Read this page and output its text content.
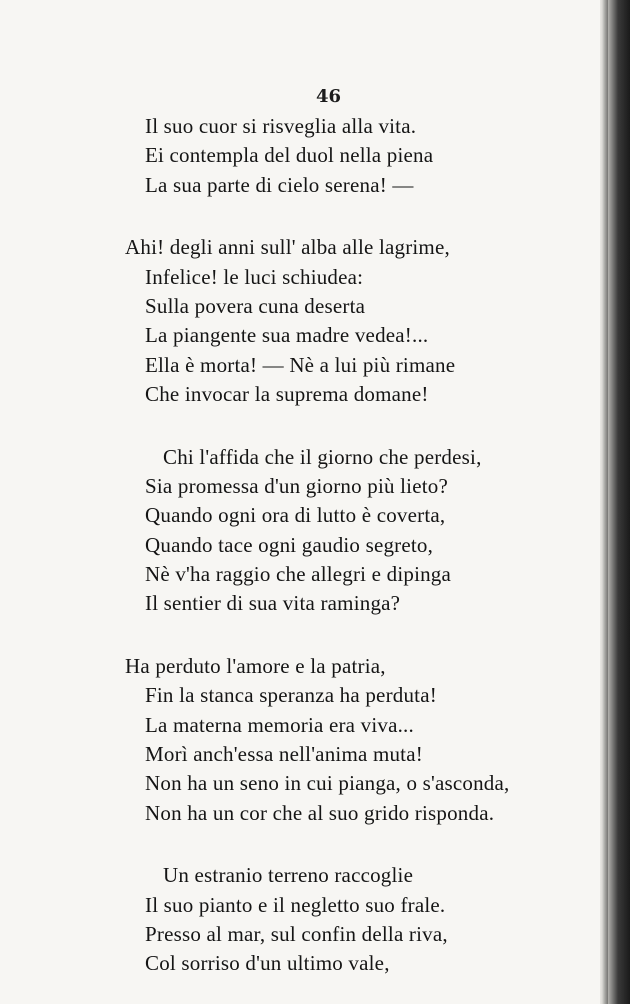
46
Il suo cuor si risveglia alla vita.
Ei contempla del duol nella piena
La sua parte di cielo serena! —
Ahi! degli anni sull' alba alle lagrime,
Infelice! le luci schiudea:
Sulla povera cuna deserta
La piangente sua madre vedea!...
Ella è morta! — Nè a lui più rimane
Che invocar la suprema domane!
Chi l'affida che il giorno che perdesi,
Sia promessa d'un giorno più lieto?
Quando ogni ora di lutto è coverta,
Quando tace ogni gaudio segreto,
Nè v'ha raggio che allegri e dipinga
Il sentier di sua vita raminga?
Ha perduto l'amore e la patria,
Fin la stanca speranza ha perduta!
La materna memoria era viva...
Morì anch'essa nell'anima muta!
Non ha un seno in cui pianga, o s'asconda,
Non ha un cor che al suo grido risponda.
Un estranio terreno raccoglie
Il suo pianto e il negletto suo frale.
Presso al mar, sul confin della riva,
Col sorriso d'un ultimo vale,
